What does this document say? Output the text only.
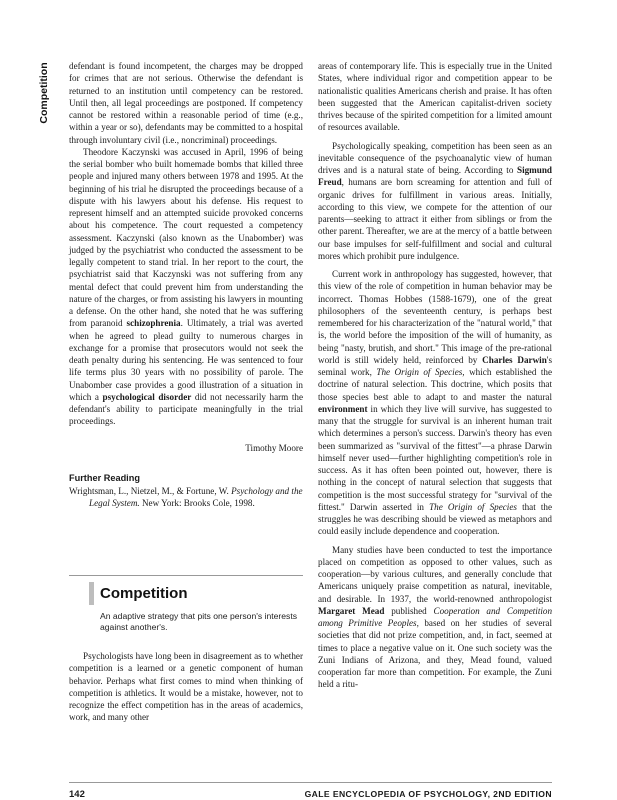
Competition defendant is found incompetent, the charges may be dropped for crimes that are not serious. Otherwise the defendant is returned to an institution until competency can be restored. Until then, all legal proceedings are postponed. If competency cannot be restored within a reasonable period of time (e.g., within a year or so), defendants may be committed to a hospital through involuntary civil (i.e., noncriminal) proceedings.

Theodore Kaczynski was accused in April, 1996 of being the serial bomber who built homemade bombs that killed three people and injured many others between 1978 and 1995. At the beginning of his trial he disrupted the proceedings because of a dispute with his lawyers about his defense. His request to represent himself and an attempted suicide provoked concerns about his competence. The court requested a competency assessment. Kaczynski (also known as the Unabomber) was judged by the psychiatrist who conducted the assessment to be legally competent to stand trial. In her report to the court, the psychiatrist said that Kaczynski was not suffering from any mental defect that could prevent him from understanding the nature of the charges, or from assisting his lawyers in mounting a defense. On the other hand, she noted that he was suffering from paranoid schizophrenia. Ultimately, a trial was averted when he agreed to plead guilty to numerous charges in exchange for a promise that prosecutors would not seek the death penalty during his sentencing. He was sentenced to four life terms plus 30 years with no possibility of parole. The Unabomber case provides a good illustration of a situation in which a psychological disorder did not necessarily harm the defendant's ability to participate meaningfully in the trial proceedings.

Timothy Moore

Further Reading

Wrightsman, L., Nietzel, M., & Fortune, W. Psychology and the Legal System. New York: Brooks Cole, 1998.

Competition
An adaptive strategy that pits one person's interests against another's.

Psychologists have long been in disagreement as to whether competition is a learned or a genetic component of human behavior. Perhaps what first comes to mind when thinking of competition is athletics. It would be a mistake, however, not to recognize the effect competition has in the areas of academics, work, and many other

areas of contemporary life. This is especially true in the United States, where individual rigor and competition appear to be nationalistic qualities Americans cherish and praise. It has often been suggested that the American capitalist-driven society thrives because of the spirited competition for a limited amount of resources available.

Psychologically speaking, competition has been seen as an inevitable consequence of the psychoanalytic view of human drives and is a natural state of being. According to Sigmund Freud, humans are born screaming for attention and full of organic drives for fulfillment in various areas. Initially, according to this view, we compete for the attention of our parents—seeking to attract it either from siblings or from the other parent. Thereafter, we are at the mercy of a battle between our base impulses for self-fulfillment and social and cultural mores which prohibit pure indulgence.

Current work in anthropology has suggested, however, that this view of the role of competition in human behavior may be incorrect. Thomas Hobbes (1588-1679), one of the great philosophers of the seventeenth century, is perhaps best remembered for his characterization of the "natural world," that is, the world before the imposition of the will of humanity, as being "nasty, brutish, and short." This image of the pre-rational world is still widely held, reinforced by Charles Darwin's seminal work, The Origin of Species, which established the doctrine of natural selection. This doctrine, which posits that those species best able to adapt to and master the natural environment in which they live will survive, has suggested to many that the struggle for survival is an inherent human trait which determines a person's success. Darwin's theory has even been summarized as "survival of the fittest"—a phrase Darwin himself never used—further highlighting competition's role in success. As it has often been pointed out, however, there is nothing in the concept of natural selection that suggests that competition is the most successful strategy for "survival of the fittest." Darwin asserted in The Origin of Species that the struggles he was describing should be viewed as metaphors and could easily include dependence and cooperation.

Many studies have been conducted to test the importance placed on competition as opposed to other values, such as cooperation—by various cultures, and generally conclude that Americans uniquely praise competition as natural, inevitable, and desirable. In 1937, the world-renowned anthropologist Margaret Mead published Cooperation and Competition among Primitive Peoples, based on her studies of several societies that did not prize competition, and, in fact, seemed at times to place a negative value on it. One such society was the Zuni Indians of Arizona, and they, Mead found, valued cooperation far more than competition. For example, the Zuni held a ritu-

142	GALE ENCYCLOPEDIA OF PSYCHOLOGY, 2ND EDITION
